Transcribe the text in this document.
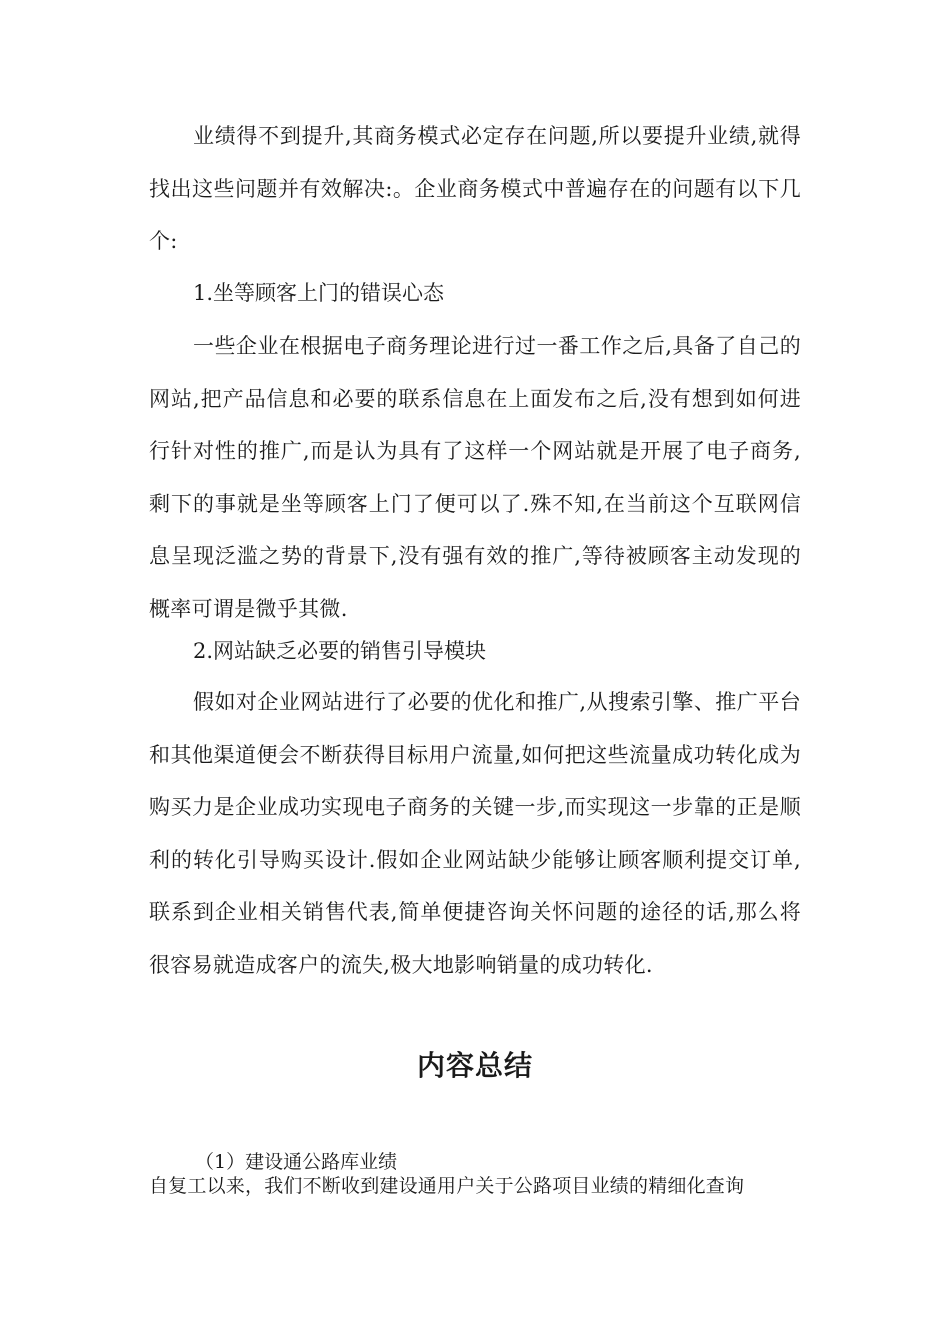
业绩得不到提升,其商务模式必定存在问题,所以要提升业绩,就得找出这些问题并有效解决:。企业商务模式中普遍存在的问题有以下几个:

1.坐等顾客上门的错误心态

一些企业在根据电子商务理论进行过一番工作之后,具备了自己的网站,把产品信息和必要的联系信息在上面发布之后,没有想到如何进行针对性的推广,而是认为具有了这样一个网站就是开展了电子商务,剩下的事就是坐等顾客上门了便可以了.殊不知,在当前这个互联网信息呈现泛滥之势的背景下,没有强有效的推广,等待被顾客主动发现的概率可谓是微乎其微.

2.网站缺乏必要的销售引导模块

假如对企业网站进行了必要的优化和推广,从搜索引擎、推广平台和其他渠道便会不断获得目标用户流量,如何把这些流量成功转化成为购买力是企业成功实现电子商务的关键一步,而实现这一步靠的正是顺利的转化引导购买设计.假如企业网站缺少能够让顾客顺利提交订单,联系到企业相关销售代表,简单便捷咨询关怀问题的途径的话,那么将很容易就造成客户的流失,极大地影响销量的成功转化.

内容总结

（1）建设通公路库业绩

自复工以来，我们不断收到建设通用户关于公路项目业绩的精细化查询
